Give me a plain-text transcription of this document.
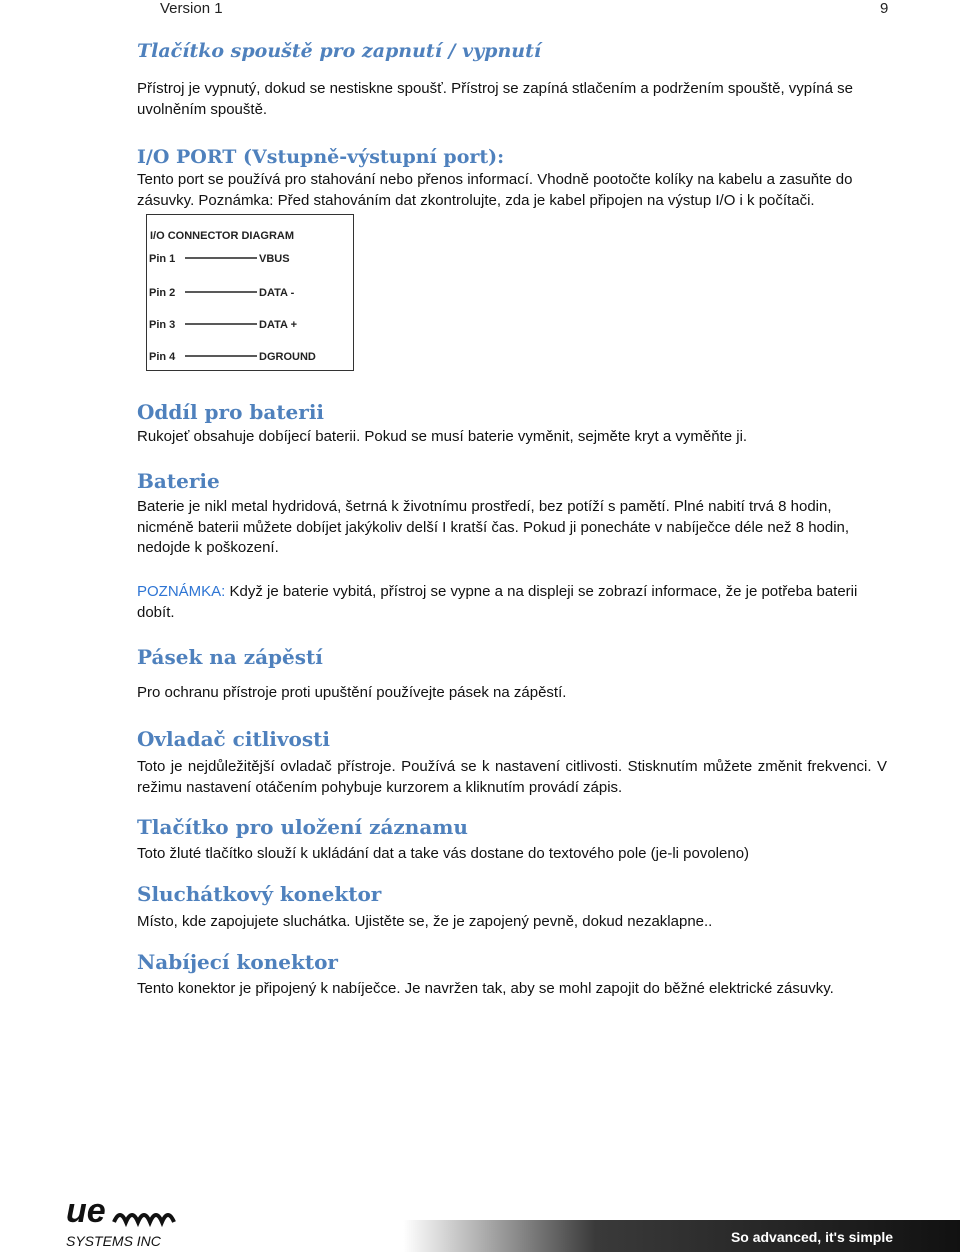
Version 1	9
Tlačítko spouště pro zapnutí / vypnutí

Přístroj je vypnutý, dokud se nestiskne spoušť. Přístroj se zapíná stlačením a podržením spouště, vypíná se uvolněním spouště.

I/O PORT (Vstupně-výstupní port):

Tento port se používá pro stahování nebo přenos informací. Vhodně pootočte kolíky na kabelu a zasuňte do zásuvky. Poznámka: Před stahováním dat zkontrolujte, zda je kabel připojen na výstup I/O i k počítači.

I/O CONNECTOR DIAGRAM
Pin 1	VBUS
Pin 2	DATA -
Pin 3	DATA +
Pin 4	DGROUND
Oddíl pro baterii

Rukojeť obsahuje dobíjecí baterii. Pokud se musí baterie vyměnit, sejměte kryt a vyměňte ji.

Baterie

Baterie je nikl metal hydridová, šetrná k životnímu prostředí, bez potíží s pamětí. Plné nabití trvá 8 hodin, nicméně baterii můžete dobíjet jakýkoliv delší I kratší čas. Pokud ji ponecháte v nabíječce déle než 8 hodin, nedojde k poškození.

POZNÁMKA: Když je baterie vybitá, přístroj se vypne a na displeji se zobrazí informace, že je potřeba baterii dobít.

Pásek na zápěstí

Pro ochranu přístroje proti upuštění používejte pásek na zápěstí.

Ovladač citlivosti

Toto je nejdůležitější ovladač přístroje. Používá se k nastavení citlivosti. Stisknutím můžete změnit frekvenci. V režimu nastavení otáčením pohybuje kurzorem a kliknutím provádí zápis.

Tlačítko pro uložení záznamu

Toto žluté tlačítko slouží k ukládání dat a take vás dostane do textového pole (je-li povoleno)

Sluchátkový konektor

Místo, kde zapojujete sluchátka. Ujistěte se, že je zapojený pevně, dokud nezaklapne..

Nabíjecí konektor

Tento konektor je připojený k nabíječce. Je navržen tak, aby se mohl zapojit do běžné elektrické zásuvky.

ue
SYSTEMS INC	So advanced, it's simple
